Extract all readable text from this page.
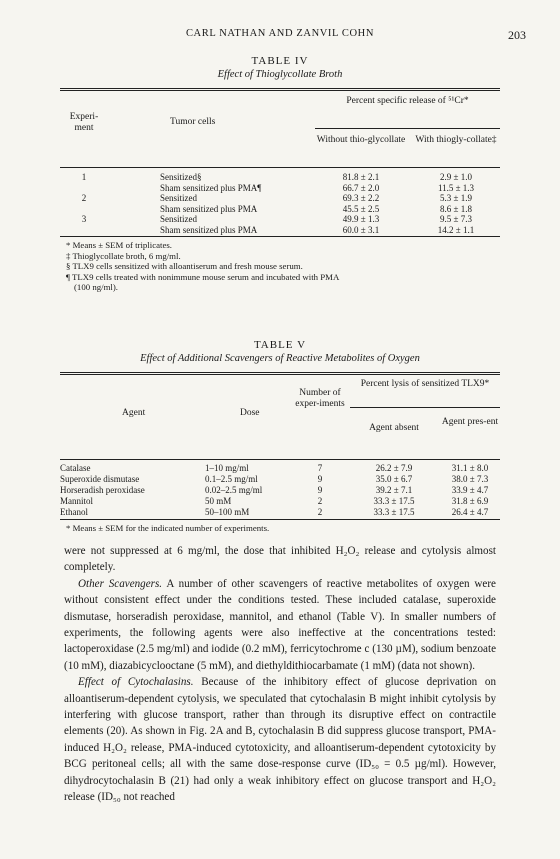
CARL NATHAN AND ZANVIL COHN	203
TABLE IV
Effect of Thioglycollate Broth
Experi-ment
Tumor cells
Percent specific release of ⁵¹Cr*
Without thio-glycollate	With thiogly-collate‡
1	Sensitized§	81.8 ± 2.1	2.9 ± 1.0
Sham sensitized plus PMA¶	66.7 ± 2.0	11.5 ± 1.3
2	Sensitized	69.3 ± 2.2	5.3 ± 1.9
Sham sensitized plus PMA	45.5 ± 2.5	8.6 ± 1.8
3	Sensitized	49.9 ± 1.3	9.5 ± 7.3
Sham sensitized plus PMA	60.0 ± 3.1	14.2 ± 1.1
* Means ± SEM of triplicates.
‡ Thioglycollate broth, 6 mg/ml.
§ TLX9 cells sensitized with alloantiserum and fresh mouse serum.
¶ TLX9 cells treated with nonimmune mouse serum and incubated with PMA
(100 ng/ml).
TABLE V
Effect of Additional Scavengers of Reactive Metabolites of Oxygen
Agent	Dose
Number of exper-iments
Percent lysis of sensitized TLX9*
Agent absent
Agent pres-ent
Catalase	1–10 mg/ml	7	26.2 ± 7.9	31.1 ± 8.0
Superoxide dismutase	0.1–2.5 mg/ml	9	35.0 ± 6.7	38.0 ± 7.3
Horseradish peroxidase	0.02–2.5 mg/ml	9	39.2 ± 7.1	33.9 ± 4.7
Mannitol	50 mM	2	33.3 ± 17.5	31.8 ± 6.9
Ethanol	50–100 mM	2	33.3 ± 17.5	26.4 ± 4.7
* Means ± SEM for the indicated number of experiments.

were not suppressed at 6 mg/ml, the dose that inhibited H₂O₂ release and cytolysis almost completely.

Other Scavengers. A number of other scavengers of reactive metabolites of oxygen were without consistent effect under the conditions tested. These included catalase, superoxide dismutase, horseradish peroxidase, mannitol, and ethanol (Table V). In smaller numbers of experiments, the following agents were also ineffective at the concentrations tested: lactoperoxidase (2.5 mg/ml) and iodide (0.2 mM), ferricytochrome c (130 µM), sodium benzoate (10 mM), diazabicyclooctane (5 mM), and diethyldithiocarbamate (1 mM) (data not shown).

Effect of Cytochalasins. Because of the inhibitory effect of glucose deprivation on alloantiserum-dependent cytolysis, we speculated that cytochalasin B might inhibit cytolysis by interfering with glucose transport, rather than through its disruptive effect on contractile elements (20). As shown in Fig. 2A and B, cytochalasin B did suppress glucose transport, PMA-induced H₂O₂ release, PMA-induced cytotoxicity, and alloantiserum-dependent cytotoxicity by BCG peritoneal cells; all with the same dose-response curve (ID₅₀ = 0.5 µg/ml). However, dihydrocytochalasin B (21) had only a weak inhibitory effect on glucose transport and H₂O₂ release (ID₅₀ not reached
